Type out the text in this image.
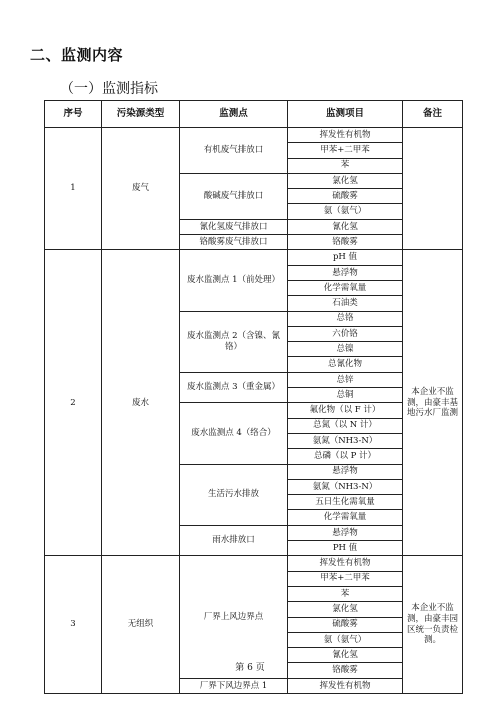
二、监测内容
（一）监测指标
序号	污染源类型	监测点	监测项目	备注
1	废气	有机废气排放口	挥发性有机物	
			甲苯+二甲苯	
			苯	
		酸碱废气排放口	氯化氢	
			硫酸雾	
			氨（氨气）	
		氰化氢废气排放口	氰化氢	
		铬酸雾废气排放口	铬酸雾	
2	废水	废水监测点 1（前处理）	pH 值	本企业不监测，由豪丰基地污水厂监测
			悬浮物	
			化学需氧量	
			石油类	
		废水监测点 2（含镍、氰铬）	总铬	
			六价铬	
			总镍	
			总氰化物	
		废水监测点 3（重金属）	总锌	
			总铜	
		废水监测点 4（络合）	氟化物（以 F 计）	
			总氮（以 N 计）	
			氨氮（NH3-N）	
			总磷（以 P 计）	
		生活污水排放	悬浮物	
			氨氮（NH3-N）	
			五日生化需氧量	
			化学需氧量	
		雨水排放口	悬浮物	
			PH 值	
3	无组织	厂界上风边界点	挥发性有机物	本企业不监测，由豪丰园区统一负责检测。
			甲苯+二甲苯	
			苯	
			氯化氢	
			硫酸雾	
			氨（氨气）	
			氰化氢	
			铬酸雾	
		厂界下风边界点 1	挥发性有机物	
第 6 页
